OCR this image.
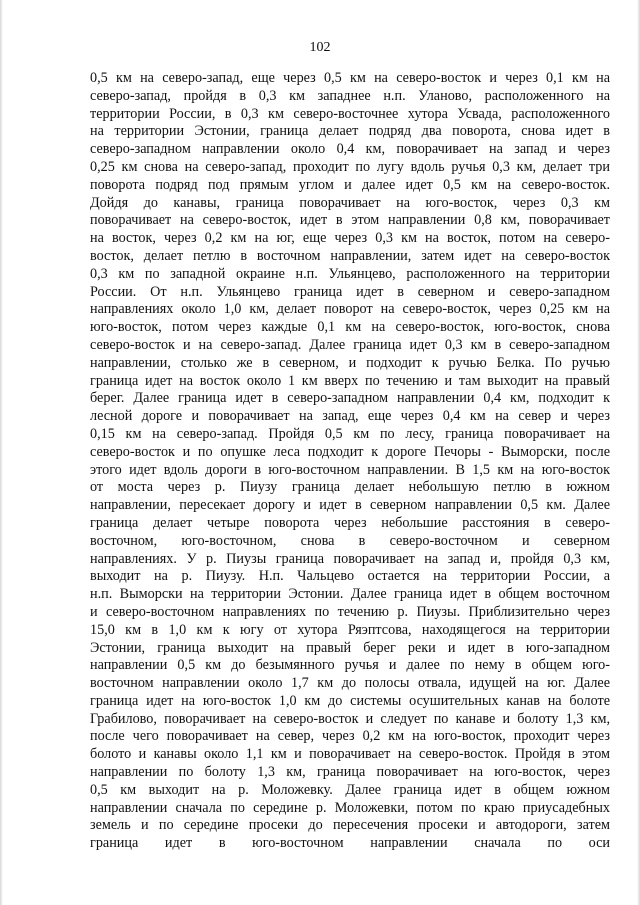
102
0,5 км на северо-запад, еще через 0,5 км на северо-восток и через 0,1 км на
северо-запад, пройдя в 0,3 км западнее н.п. Уланово, расположенного на
территории России, в 0,3 км северо-восточнее хутора Усвада, расположенного
на территории Эстонии, граница делает подряд два поворота, снова идет в
северо-западном направлении около 0,4 км, поворачивает на запад и через
0,25 км снова на северо-запад, проходит по лугу вдоль ручья 0,3 км, делает три
поворота подряд под прямым углом и далее идет 0,5 км на северо-восток.
Дойдя до канавы, граница поворачивает на юго-восток, через 0,3 км
поворачивает на северо-восток, идет в этом направлении 0,8 км, поворачивает
на восток, через 0,2 км на юг, еще через 0,3 км на восток, потом на северо-
восток, делает петлю в восточном направлении, затем идет на северо-восток
0,3 км по западной окраине н.п. Ульянцево, расположенного на территории
России. От н.п. Ульянцево граница идет в северном и северо-западном
направлениях около 1,0 км, делает поворот на северо-восток, через 0,25 км на
юго-восток, потом через каждые 0,1 км на северо-восток, юго-восток, снова
северо-восток и на северо-запад. Далее граница идет 0,3 км в северо-западном
направлении, столько же в северном, и подходит к ручью Белка. По ручью
граница идет на восток около 1 км вверх по течению и там выходит на правый
берег. Далее граница идет в северо-западном направлении 0,4 км, подходит к
лесной дороге и поворачивает на запад, еще через 0,4 км на север и через
0,15 км на северо-запад. Пройдя 0,5 км по лесу, граница поворачивает на
северо-восток и по опушке леса подходит к дороге Печоры - Выморски, после
этого идет вдоль дороги в юго-восточном направлении. В 1,5 км на юго-восток
от моста через р. Пиузу граница делает небольшую петлю в южном
направлении, пересекает дорогу и идет в северном направлении 0,5 км. Далее
граница делает четыре поворота через небольшие расстояния в северо-
восточном, юго-восточном, снова в северо-восточном и северном
направлениях. У р. Пиузы граница поворачивает на запад и, пройдя 0,3 км,
выходит на р. Пиузу. Н.п. Чальцево остается на территории России, а
н.п. Выморски на территории Эстонии. Далее граница идет в общем восточном
и северо-восточном направлениях по течению р. Пиузы. Приблизительно через
15,0 км в 1,0 км к югу от хутора Ряэптсова, находящегося на территории
Эстонии, граница выходит на правый берег реки и идет в юго-западном
направлении 0,5 км до безымянного ручья и далее по нему в общем юго-
восточном направлении около 1,7 км до полосы отвала, идущей на юг. Далее
граница идет на юго-восток 1,0 км до системы осушительных канав на болоте
Грабилово, поворачивает на северо-восток и следует по канаве и болоту 1,3 км,
после чего поворачивает на север, через 0,2 км на юго-восток, проходит через
болото и канавы около 1,1 км и поворачивает на северо-восток. Пройдя в этом
направлении по болоту 1,3 км, граница поворачивает на юго-восток, через
0,5 км выходит на р. Моложевку. Далее граница идет в общем южном
направлении сначала по середине р. Моложевки, потом по краю приусадебных
земель и по середине просеки до пересечения просеки и автодороги, затем
граница идет в юго-восточном направлении сначала по оси
